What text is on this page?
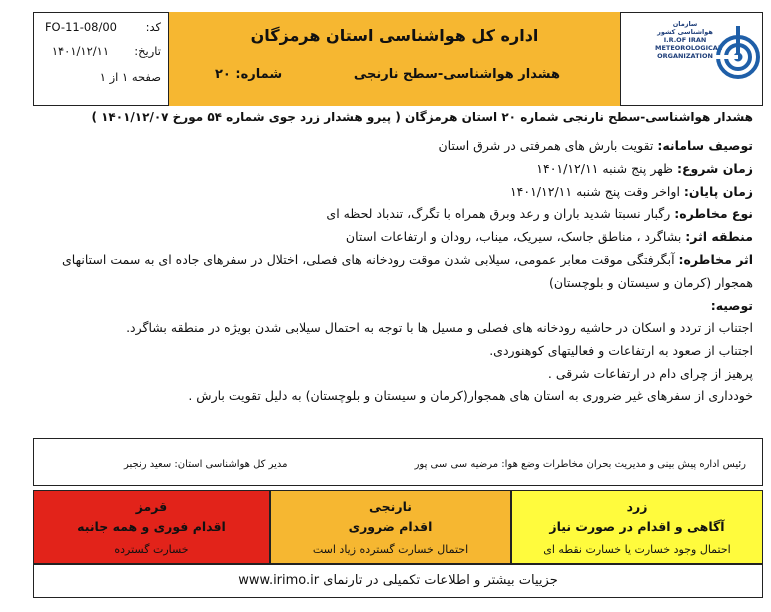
کد:
FO-11-08/00
تاریخ:
۱۴۰۱/۱۲/۱۱
صفحه ۱ از ۱
اداره کل هواشناسی استان هرمزگان
هشدار هواشناسی-سطح نارنجی
شماره: ۲۰
سازمان هواشناسی کشور
I.R.OF IRAN
METEOROLOGICAL
ORGANIZATION
هشدار هواشناسی-سطح نارنجی شماره ۲۰ استان هرمزگان ( پیرو هشدار زرد جوی شماره ۵۴ مورخ ۱۴۰۱/۱۲/۰۷ )
توصیف سامانه: تقویت بارش های همرفتی در شرق استان
زمان شروع: ظهر پنج شنبه ۱۴۰۱/۱۲/۱۱
زمان پایان: اواخر وقت پنج شنبه ۱۴۰۱/۱۲/۱۱
نوع مخاطره: رگبار نسبتا شدید باران و رعد وبرق همراه با تگرگ، تندباد لحظه ای
منطقه اثر: بشاگرد ، مناطق جاسک، سیریک، میناب، رودان و ارتفاعات استان
اثر مخاطره: آبگرفتگی موقت معابر عمومی، سیلابی شدن موقت رودخانه های فصلی، اختلال در سفرهای جاده ای به سمت استانهای
همجوار (کرمان و سیستان و بلوچستان)
توصیه:
اجتناب از تردد و اسکان در حاشیه رودخانه های فصلی و مسیل ها با توجه به احتمال سیلابی شدن بویژه در منطقه بشاگرد.
اجتناب از صعود به ارتفاعات و فعالیتهای کوهنوردی.
پرهیز از چرای دام در ارتفاعات شرقی .
خودداری از سفرهای غیر ضروری به استان های همجوار(کرمان و سیستان و بلوچستان) به دلیل تقویت بارش .
رئیس اداره پیش بینی و مدیریت بحران مخاطرات وضع هوا: مرضیه سی سی پور
مدیر کل هواشناسی استان: سعید رنجبر
زرد
آگاهی و اقدام در صورت نیاز
احتمال وجود خسارت یا خسارت نقطه ای
نارنجی
اقدام ضروری
احتمال خسارت گسترده زیاد است
قرمز
اقدام فوری و همه جانبه
خسارت گسترده
جزییات بیشتر و اطلاعات تکمیلی در تارنمای www.irimo.ir
